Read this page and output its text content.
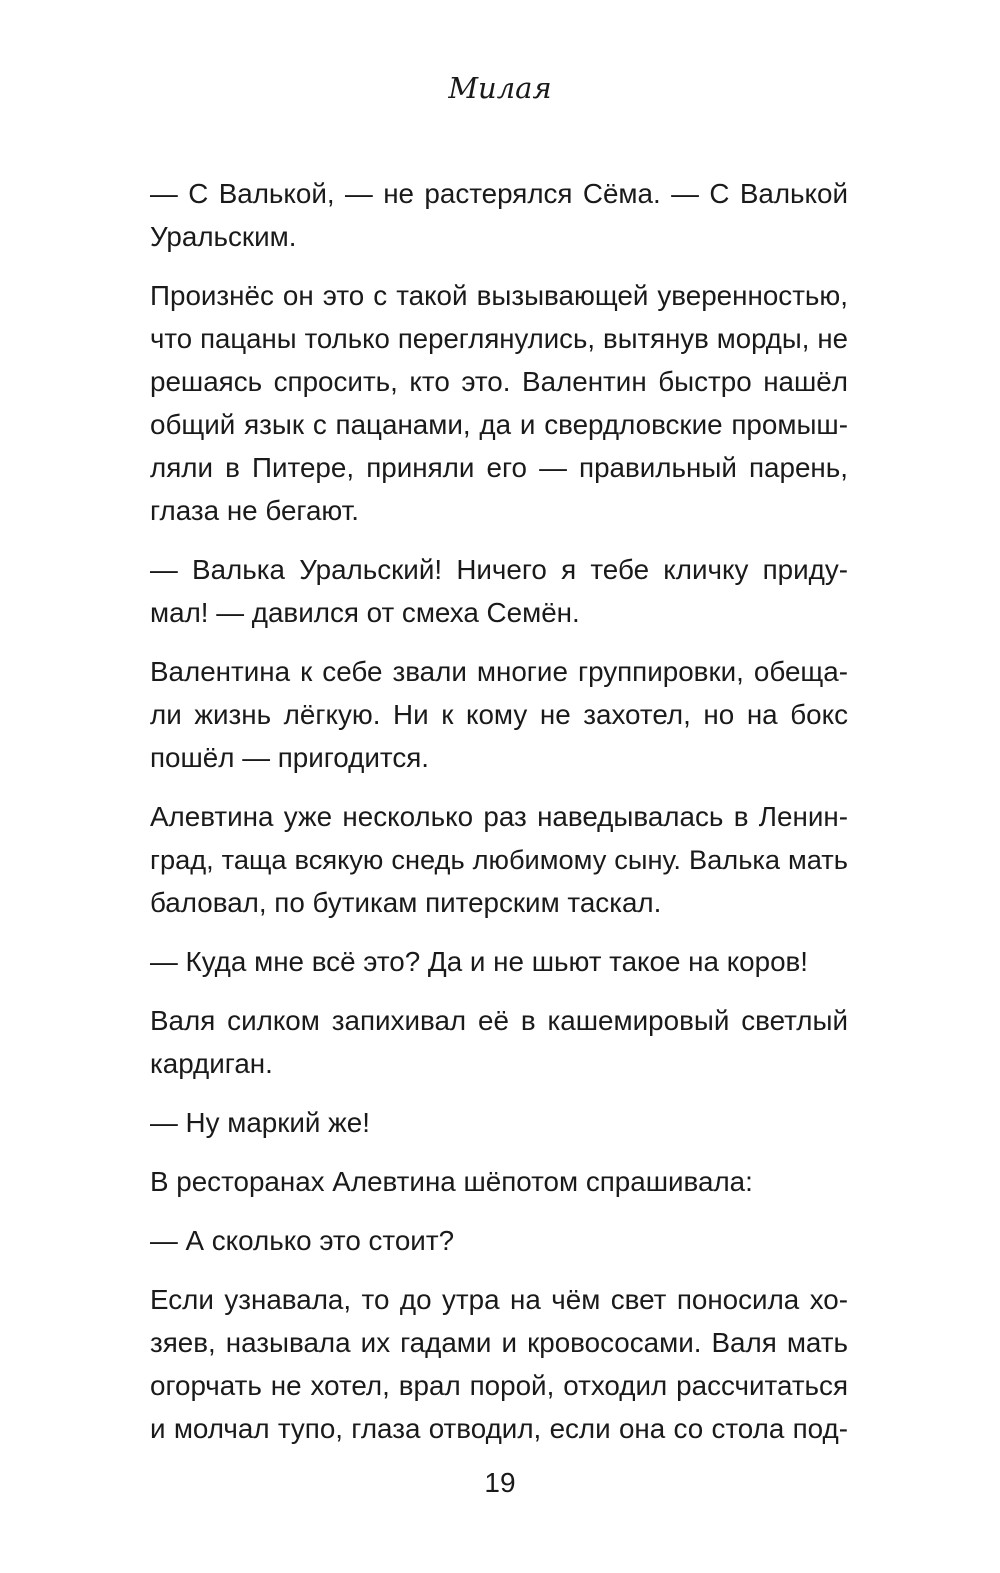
Милая
— С Валькой, — не растерялся Сёма. — С Валькой
Уральским.
Произнёс он это с такой вызывающей уверенностью,
что пацаны только переглянулись, вытянув морды, не
решаясь спросить, кто это. Валентин быстро нашёл
общий язык с пацанами, да и свердловские промыш-
ляли в Питере, приняли его — правильный парень,
глаза не бегают.
— Валька Уральский! Ничего я тебе кличку приду-
мал! — давился от смеха Семён.
Валентина к себе звали многие группировки, обеща-
ли жизнь лёгкую. Ни к кому не захотел, но на бокс
пошёл — пригодится.
Алевтина уже несколько раз наведывалась в Ленин-
град, таща всякую снедь любимому сыну. Валька мать
баловал, по бутикам питерским таскал.
— Куда мне всё это? Да и не шьют такое на коров!
Валя силком запихивал её в кашемировый светлый
кардиган.
— Ну маркий же!
В ресторанах Алевтина шёпотом спрашивала:
— А сколько это стоит?
Если узнавала, то до утра на чём свет поносила хо-
зяев, называла их гадами и кровососами. Валя мать
огорчать не хотел, врал порой, отходил рассчитаться
и молчал тупо, глаза отводил, если она со стола под-
19
